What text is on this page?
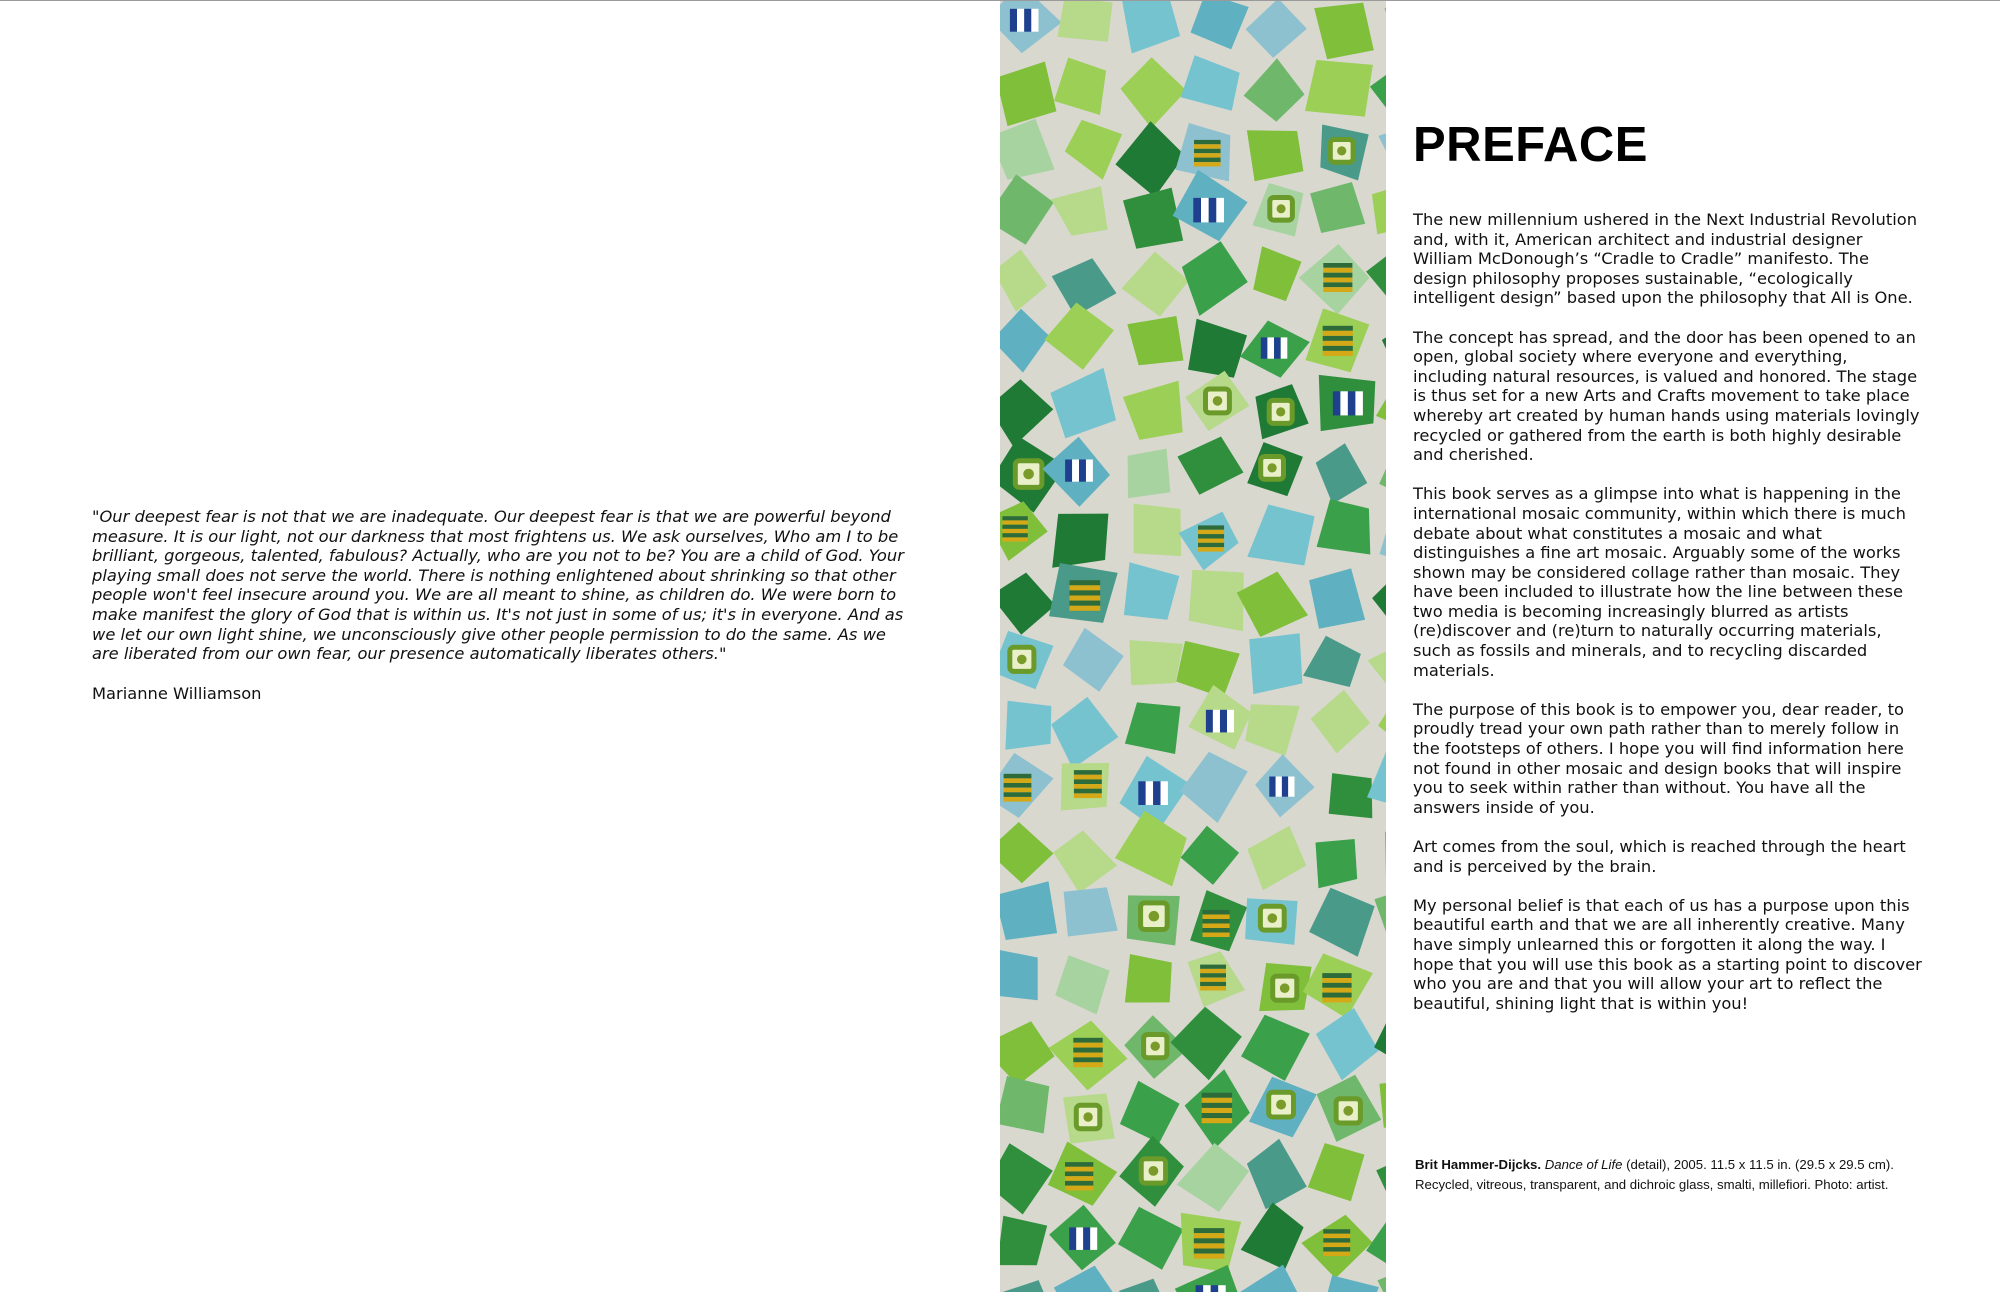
"Our deepest fear is not that we are inadequate. Our deepest fear is that we are powerful beyond measure. It is our light, not our darkness that most frightens us. We ask ourselves, Who am I to be brilliant, gorgeous, talented, fabulous? Actually, who are you not to be? You are a child of God. Your playing small does not serve the world. There is nothing enlightened about shrinking so that other people won't feel insecure around you. We are all meant to shine, as children do. We were born to make manifest the glory of God that is within us. It's not just in some of us; it's in everyone. And as we let our own light shine, we unconsciously give other people permission to do the same. As we are liberated from our own fear, our presence automatically liberates others."

Marianne Williamson

PREFACE

The new millennium ushered in the Next Industrial Revolution and, with it, American architect and industrial designer William McDonough’s “Cradle to Cradle” manifesto. The design philosophy proposes sustainable, “ecologically intelligent design” based upon the philosophy that All is One.

The concept has spread, and the door has been opened to an open, global society where everyone and everything, including natural resources, is valued and honored. The stage is thus set for a new Arts and Crafts movement to take place whereby art created by human hands using materials lovingly recycled or gathered from the earth is both highly desirable and cherished.

This book serves as a glimpse into what is happening in the international mosaic community, within which there is much debate about what constitutes a mosaic and what distinguishes a fine art mosaic. Arguably some of the works shown may be considered collage rather than mosaic. They have been included to illustrate how the line between these two media is becoming increasingly blurred as artists (re)discover and (re)turn to naturally occurring materials, such as fossils and minerals, and to recycling discarded materials.

The purpose of this book is to empower you, dear reader, to proudly tread your own path rather than to merely follow in the footsteps of others. I hope you will find information here not found in other mosaic and design books that will inspire you to seek within rather than without. You have all the answers inside of you.

Art comes from the soul, which is reached through the heart and is perceived by the brain.

My personal belief is that each of us has a purpose upon this beautiful earth and that we are all inherently creative. Many have simply unlearned this or forgotten it along the way. I hope that you will use this book as a starting point to discover who you are and that you will allow your art to reflect the beautiful, shining light that is within you!

Brit Hammer-Dijcks. Dance of Life (detail), 2005. 11.5 x 11.5 in. (29.5 x 29.5 cm). Recycled, vitreous, transparent, and dichroic glass, smalti, millefiori. Photo: artist.
